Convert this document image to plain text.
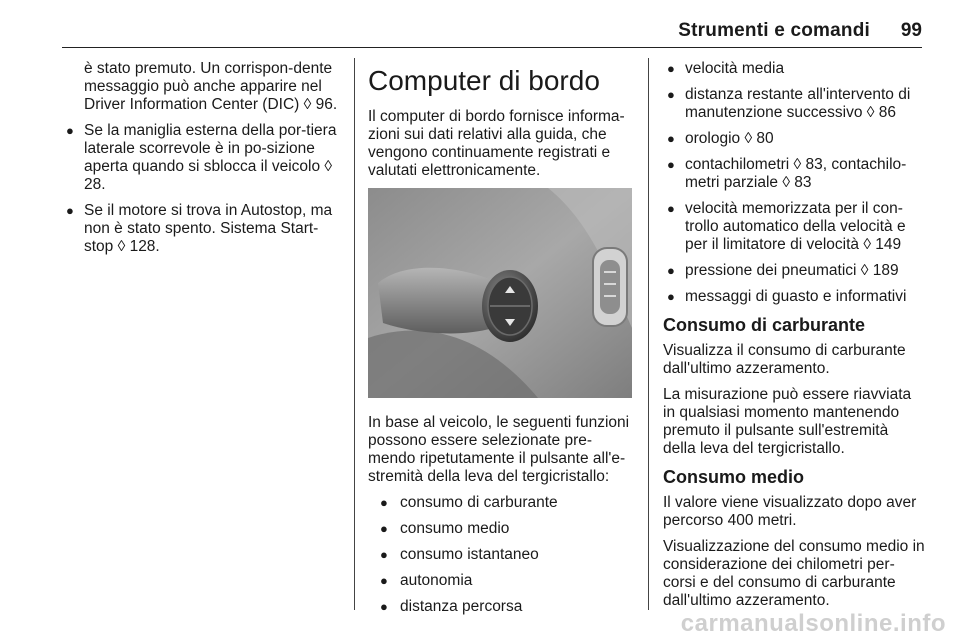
Strumenti e comandi 99

è stato premuto. Un corrispon-dente messaggio può anche apparire nel Driver Information Center (DIC) ◊ 96.

● Se la maniglia esterna della por-tiera laterale scorrevole è in po-sizione aperta quando si sblocca il veicolo ◊ 28.
● Se il motore si trova in Autostop, ma non è stato spento. Sistema Start-stop ◊ 128.
Computer di bordo

Il computer di bordo fornisce informa-zioni sui dati relativi alla guida, che vengono continuamente registrati e valutati elettronicamente.

In base al veicolo, le seguenti funzioni possono essere selezionate pre-mendo ripetutamente il pulsante all'e-stremità della leva del tergicristallo:

● consumo di carburante
● consumo medio
● consumo istantaneo
● autonomia
● distanza percorsa
● velocità media
● distanza restante all'intervento di manutenzione successivo ◊ 86
● orologio ◊ 80
● contachilometri ◊ 83, contachilo-metri parziale ◊ 83
● velocità memorizzata per il con-trollo automatico della velocità e per il limitatore di velocità ◊ 149
● pressione dei pneumatici ◊ 189
● messaggi di guasto e informativi
Consumo di carburante

Visualizza il consumo di carburante dall'ultimo azzeramento.

La misurazione può essere riavviata in qualsiasi momento mantenendo premuto il pulsante sull'estremità della leva del tergicristallo.

Consumo medio

Il valore viene visualizzato dopo aver percorso 400 metri.

Visualizzazione del consumo medio in considerazione dei chilometri per-corsi e del consumo di carburante dall'ultimo azzeramento.

carmanualsonline.info
